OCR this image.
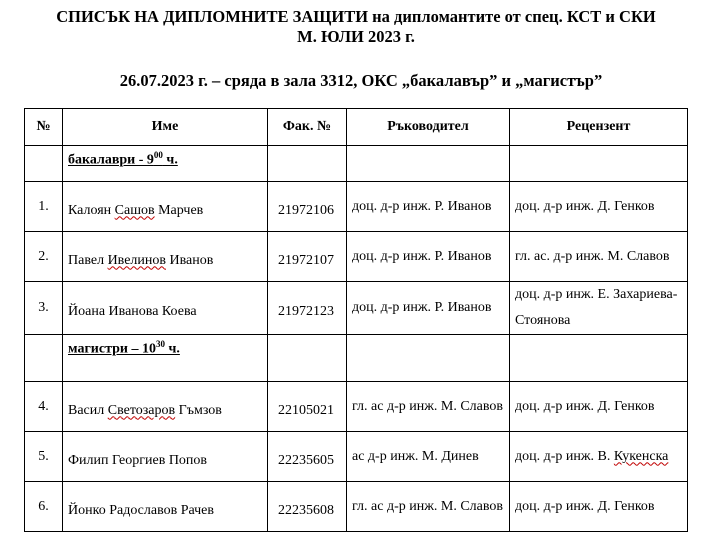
СПИСЪК НА ДИПЛОМНИТЕ ЗАЩИТИ на дипломантите от спец. КСТ и СКИ
М. ЮЛИ 2023 г.
26.07.2023 г. – сряда в зала 3312, ОКС „бакалавър” и „магистър”
№	Име	Фак. №	Ръководител	Рецензент
	бакалаври - $9^{00}$ ч.			
1.	Калоян Сашов Марчев	21972106	доц. д-р инж. Р. Иванов	доц. д-р инж. Д. Генков
2.	Павел Ивелинов Иванов	21972107	доц. д-р инж. Р. Иванов	гл. ас. д-р инж. М. Славов
3.	Йоана Иванова Коева	21972123	доц. д-р инж. Р. Иванов	доц. д-р инж. Е. Захариева-Стоянова
	магистри – $10^{30}$ ч.			
4.	Васил Светозаров Гъмзов	22105021	гл. ас д-р инж. М. Славов	доц. д-р инж. Д. Генков
5.	Филип Георгиев Попов	22235605	ас д-р инж. М. Динев	доц. д-р инж. В. Кукенска
6.	Йонко Радославов Рачев	22235608	гл. ас д-р инж. М. Славов	доц. д-р инж. Д. Генков
